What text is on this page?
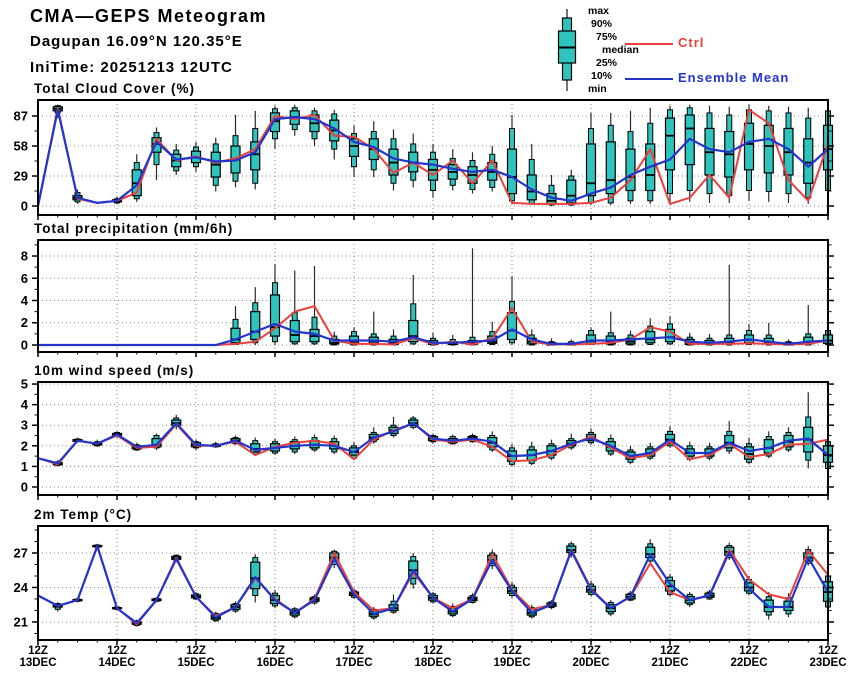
0
29
58
87
Total Cloud Cover (%)
0
2
4
6
8
Total precipitation (mm/6h)
0
1
2
3
4
5
10m wind speed (m/s)
21
24
27
2m Temp (°C)
12Z
13DEC
12Z
14DEC
12Z
15DEC
12Z
16DEC
12Z
17DEC
12Z
18DEC
12Z
19DEC
12Z
20DEC
12Z
21DEC
12Z
22DEC
12Z
23DEC
CMA—GEPS Meteogram
Dagupan 16.09°N 120.35°E
IniTime: 20251213 12UTC
max
90%
75%
median
25%
10%
min
Ctrl
Ensemble Mean
